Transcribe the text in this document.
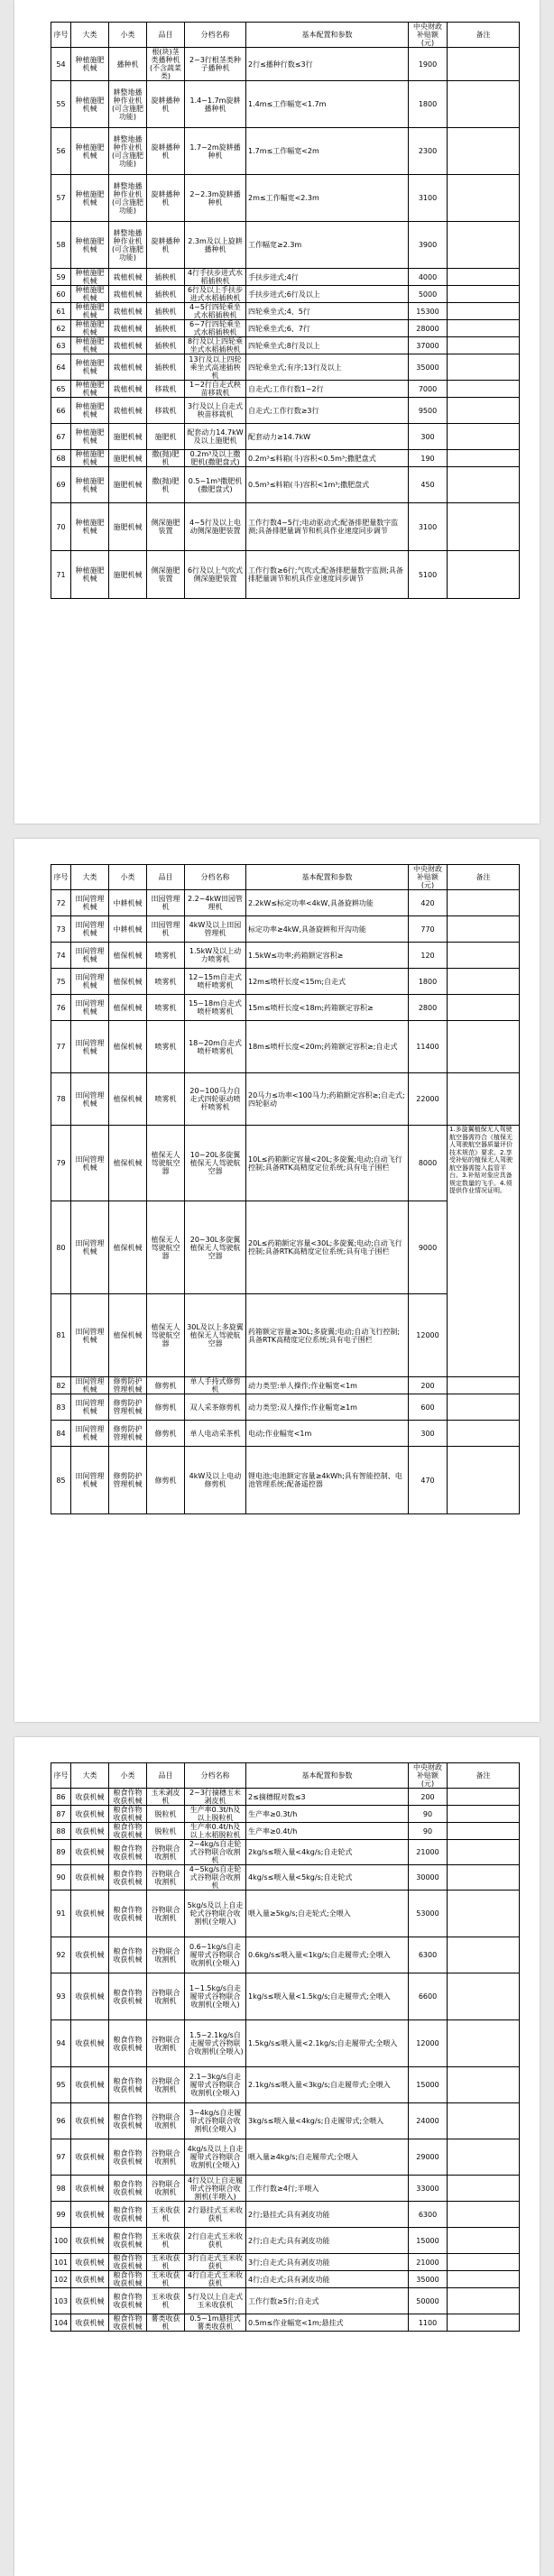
序号	大类	小类	品目	分档名称	基本配置和参数	中央财政补贴额(元)	备注
54	种植施肥机械	播种机	根(块)茎类播种机(不含蔬菜类)	2~3行根茎类种子播种机	2行≤播种行数≤3行	1900	
55	种植施肥机械	耕整地播种作业机(可含施肥功能)	旋耕播种机	1.4~1.7m旋耕播种机	1.4m≤工作幅宽<1.7m	1800	
56	种植施肥机械	耕整地播种作业机(可含施肥功能)	旋耕播种机	1.7~2m旋耕播种机	1.7m≤工作幅宽<2m	2300	
57	种植施肥机械	耕整地播种作业机(可含施肥功能)	旋耕播种机	2~2.3m旋耕播种机	2m≤工作幅宽<2.3m	3100	
58	种植施肥机械	耕整地播种作业机(可含施肥功能)	旋耕播种机	2.3m及以上旋耕播种机	工作幅宽≥2.3m	3900	
59	种植施肥机械	栽植机械	插秧机	4行手扶步进式水稻插秧机	手扶步进式;4行	4000	
60	种植施肥机械	栽植机械	插秧机	6行及以上手扶步进式水稻插秧机	手扶步进式;6行及以上	5000	
61	种植施肥机械	栽植机械	插秧机	4~5行四轮乘坐式水稻插秧机	四轮乘坐式;4、5行	15300	
62	种植施肥机械	栽植机械	插秧机	6~7行四轮乘坐式水稻插秧机	四轮乘坐式;6、7行	28000	
63	种植施肥机械	栽植机械	插秧机	8行及以上四轮乘坐式水稻插秧机	四轮乘坐式;8行及以上	37000	
64	种植施肥机械	栽植机械	插秧机	13行及以上四轮乘坐式高速插秧机	四轮乘坐式;有序;13行及以上	35000	
65	种植施肥机械	栽植机械	移栽机	1~2行自走式秧苗移栽机	自走式;工作行数1~2行	7000	
66	种植施肥机械	栽植机械	移栽机	3行及以上自走式秧苗移栽机	自走式;工作行数≥3行	9500	
67	种植施肥机械	施肥机械	施肥机	配套动力14.7kW及以上施肥机	配套动力≥14.7kW	300	
68	种植施肥机械	施肥机械	撒(抛)肥机	0.2m³及以上撒肥机(撒肥盘式)	0.2m³≤料箱(斗)容积<0.5m³;撒肥盘式	190	
69	种植施肥机械	施肥机械	撒(抛)肥机	0.5~1m³撒肥机(撒肥盘式)	0.5m³≤料箱(斗)容积<1m³;撒肥盘式	450	
70	种植施肥机械	施肥机械	侧深施肥装置	4~5行及以上电动侧深施肥装置	工作行数4~5行;电动驱动式;配备排肥量数字监测;具备排肥量调节和机具作业速度同步调节	3100	
71	种植施肥机械	施肥机械	侧深施肥装置	6行及以上气吹式侧深施肥装置	工作行数≥6行;气吹式;配备排肥量数字监测;具备排肥量调节和机具作业速度同步调节	5100	
序号	大类	小类	品目	分档名称	基本配置和参数	中央财政补贴额(元)	备注
72	田间管理机械	中耕机械	田园管理机	2.2~4kW田园管理机	2.2kW≤标定功率<4kW,具备旋耕功能	420	
73	田间管理机械	中耕机械	田园管理机	4kW及以上田园管理机	标定功率≥4kW,具备旋耕和开沟功能	770	
74	田间管理机械	植保机械	喷雾机	1.5kW及以上动力喷雾机	1.5kW≤功率;药箱额定容积≥	120	
75	田间管理机械	植保机械	喷雾机	12~15m自走式喷杆喷雾机	12m≤喷杆长度<15m;自走式	1800	
76	田间管理机械	植保机械	喷雾机	15~18m自走式喷杆喷雾机	15m≤喷杆长度<18m;药箱额定容积≥	2800	
77	田间管理机械	植保机械	喷雾机	18~20m自走式喷杆喷雾机	18m≤喷杆长度<20m;药箱额定容积≥;自走式	11400	
78	田间管理机械	植保机械	喷雾机	20~100马力自走式四轮驱动喷杆喷雾机	20马力≤功率<100马力;药箱额定容积≥;自走式;四轮驱动	22000	
79	田间管理机械	植保机械	植保无人驾驶航空器	10~20L多旋翼植保无人驾驶航空器	10L≤药箱额定容量<20L;多旋翼;电动;自动飞行控制;具备RTK高精度定位系统;具有电子围栏	8000	1.多旋翼植保无人驾驶航空器需符合《植保无人驾驶航空器质量评价技术规范》要求。2.享受补贴的植保无人驾驶航空器需接入监管平台。3.补贴对象应具备规定数量的飞手。4.须提供作业情况证明。
80	田间管理机械	植保机械	植保无人驾驶航空器	20~30L多旋翼植保无人驾驶航空器	20L≤药箱额定容量<30L;多旋翼;电动;自动飞行控制;具备RTK高精度定位系统;具有电子围栏	9000	
81	田间管理机械	植保机械	植保无人驾驶航空器	30L及以上多旋翼植保无人驾驶航空器	药箱额定容量≥30L;多旋翼;电动;自动飞行控制;具备RTK高精度定位系统;具有电子围栏	12000	
82	田间管理机械	修剪防护管理机械	修剪机	单人手持式修剪机	动力类型:单人操作;作业幅宽<1m	200	
83	田间管理机械	修剪防护管理机械	修剪机	双人采茶修剪机	动力类型:双人操作;作业幅宽≥1m	600	
84	田间管理机械	修剪防护管理机械	修剪机	单人电动采茶机	电动;作业幅宽<1m	300	
85	田间管理机械	修剪防护管理机械	修剪机	4kW及以上电动修剪机	锂电池;电池额定容量≥4kWh;具有智能控制、电池管理系统;配备遥控器	470	
序号	大类	小类	品目	分档名称	基本配置和参数	中央财政补贴额(元)	备注
86	收获机械	粮食作物收获机械	玉米剥皮机	2~3行摘穗玉米剥皮机	2≤摘穗辊对数≤3	200	
87	收获机械	粮食作物收获机械	脱粒机	生产率0.3t/h及以上脱粒机	生产率≥0.3t/h	90	
88	收获机械	粮食作物收获机械	脱粒机	生产率0.4t/h及以上水稻脱粒机	生产率≥0.4t/h	90	
89	收获机械	粮食作物收获机械	谷物联合收割机	2~4kg/s自走轮式谷物联合收割机	2kg/s≤喂入量<4kg/s;自走轮式	21000	
90	收获机械	粮食作物收获机械	谷物联合收割机	4~5kg/s自走轮式谷物联合收割机	4kg/s≤喂入量<5kg/s;自走轮式	30000	
91	收获机械	粮食作物收获机械	谷物联合收割机	5kg/s及以上自走轮式谷物联合收割机(全喂入)	喂入量≥5kg/s;自走轮式;全喂入	53000	
92	收获机械	粮食作物收获机械	谷物联合收割机	0.6~1kg/s自走履带式谷物联合收割机(全喂入)	0.6kg/s≤喂入量<1kg/s;自走履带式;全喂入	6300	
93	收获机械	粮食作物收获机械	谷物联合收割机	1~1.5kg/s自走履带式谷物联合收割机(全喂入)	1kg/s≤喂入量<1.5kg/s;自走履带式;全喂入	6600	
94	收获机械	粮食作物收获机械	谷物联合收割机	1.5~2.1kg/s自走履带式谷物联合收割机(全喂入)	1.5kg/s≤喂入量<2.1kg/s;自走履带式;全喂入	12000	
95	收获机械	粮食作物收获机械	谷物联合收割机	2.1~3kg/s自走履带式谷物联合收割机(全喂入)	2.1kg/s≤喂入量<3kg/s;自走履带式;全喂入	15000	
96	收获机械	粮食作物收获机械	谷物联合收割机	3~4kg/s自走履带式谷物联合收割机(全喂入)	3kg/s≤喂入量<4kg/s;自走履带式;全喂入	24000	
97	收获机械	粮食作物收获机械	谷物联合收割机	4kg/s及以上自走履带式谷物联合收割机(全喂入)	喂入量≥4kg/s;自走履带式;全喂入	29000	
98	收获机械	粮食作物收获机械	谷物联合收割机	4行及以上自走履带式谷物联合收割机(半喂入)	工作行数≥4行;半喂入	33000	
99	收获机械	粮食作物收获机械	玉米收获机	2行悬挂式玉米收获机	2行;悬挂式;具有剥皮功能	6300	
100	收获机械	粮食作物收获机械	玉米收获机	2行自走式玉米收获机	2行;自走式;具有剥皮功能	15000	
101	收获机械	粮食作物收获机械	玉米收获机	3行自走式玉米收获机	3行;自走式;具有剥皮功能	21000	
102	收获机械	粮食作物收获机械	玉米收获机	4行自走式玉米收获机	4行;自走式;具有剥皮功能	35000	
103	收获机械	粮食作物收获机械	玉米收获机	5行及以上自走式玉米收获机	工作行数≥5行;自走式	50000	
104	收获机械	粮食作物收获机械	薯类收获机	0.5~1m悬挂式薯类收获机	0.5m≤作业幅宽<1m;悬挂式	1100	
